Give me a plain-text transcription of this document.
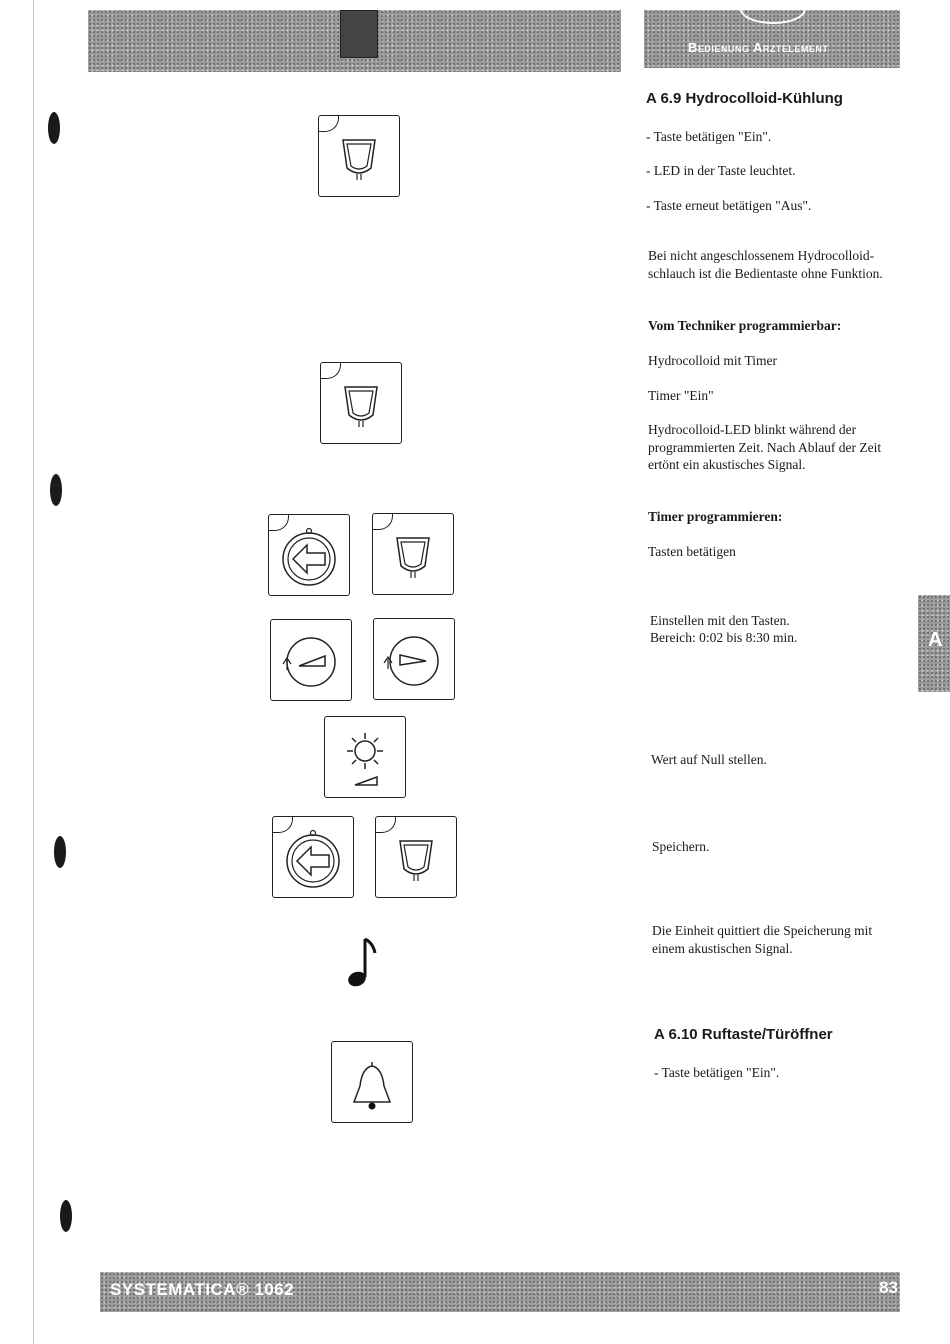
Bedienung Arztelement
A
A 6.9 Hydrocolloid-Kühlung
- Taste betätigen "Ein".
- LED in der Taste leuchtet.
- Taste erneut betätigen "Aus".
Bei nicht angeschlossenem Hydrocolloid-
schlauch ist die Bedientaste ohne Funktion.
Vom Techniker programmierbar:
Hydrocolloid mit Timer
Timer "Ein"
Hydrocolloid-LED blinkt während der
programmierten Zeit. Nach Ablauf der Zeit
ertönt ein akustisches Signal.
Timer programmieren:
Tasten betätigen
Einstellen mit den Tasten.
Bereich: 0:02 bis 8:30 min.
Wert auf Null stellen.
Speichern.
Die Einheit quittiert die Speicherung mit
einem akustischen Signal.
A 6.10 Ruftaste/Türöffner
- Taste betätigen "Ein".
SYSTEMATICA® 1062	83
